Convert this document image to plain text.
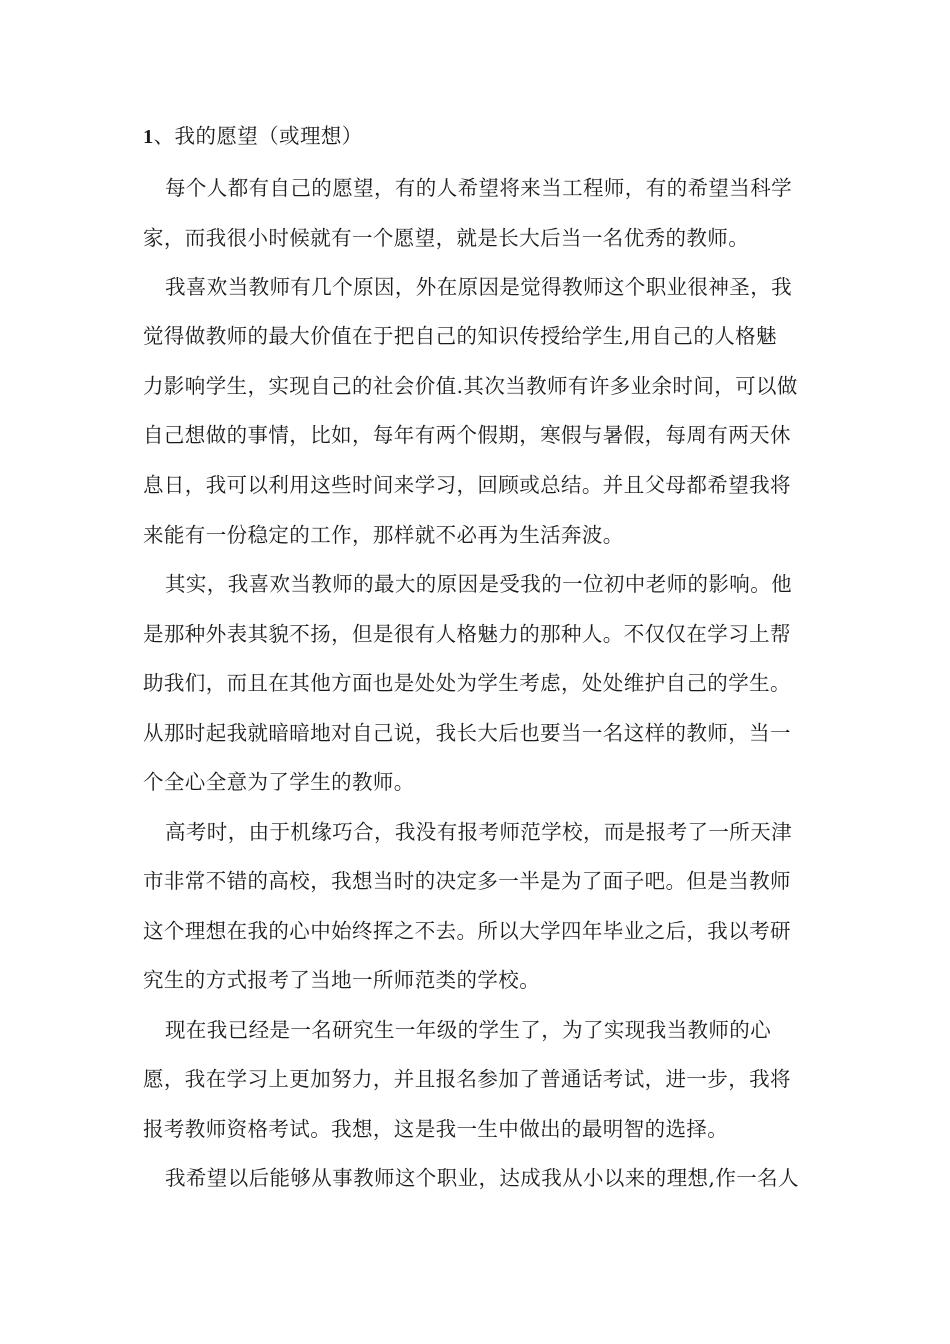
1、我的愿望（或理想）
每个人都有自己的愿望，有的人希望将来当工程师，有的希望当科学
家，而我很小时候就有一个愿望，就是长大后当一名优秀的教师。
我喜欢当教师有几个原因，外在原因是觉得教师这个职业很神圣，我
觉得做教师的最大价值在于把自己的知识传授给学生,用自己的人格魅
力影响学生，实现自己的社会价值.其次当教师有许多业余时间，可以做
自己想做的事情，比如，每年有两个假期，寒假与暑假，每周有两天休
息日，我可以利用这些时间来学习，回顾或总结。并且父母都希望我将
来能有一份稳定的工作，那样就不必再为生活奔波。
其实，我喜欢当教师的最大的原因是受我的一位初中老师的影响。他
是那种外表其貌不扬，但是很有人格魅力的那种人。不仅仅在学习上帮
助我们，而且在其他方面也是处处为学生考虑，处处维护自己的学生。
从那时起我就暗暗地对自己说，我长大后也要当一名这样的教师，当一
个全心全意为了学生的教师。
高考时，由于机缘巧合，我没有报考师范学校，而是报考了一所天津
市非常不错的高校，我想当时的决定多一半是为了面子吧。但是当教师
这个理想在我的心中始终挥之不去。所以大学四年毕业之后，我以考研
究生的方式报考了当地一所师范类的学校。
现在我已经是一名研究生一年级的学生了，为了实现我当教师的心
愿，我在学习上更加努力，并且报名参加了普通话考试，进一步，我将
报考教师资格考试。我想，这是我一生中做出的最明智的选择。
我希望以后能够从事教师这个职业，达成我从小以来的理想,作一名人
